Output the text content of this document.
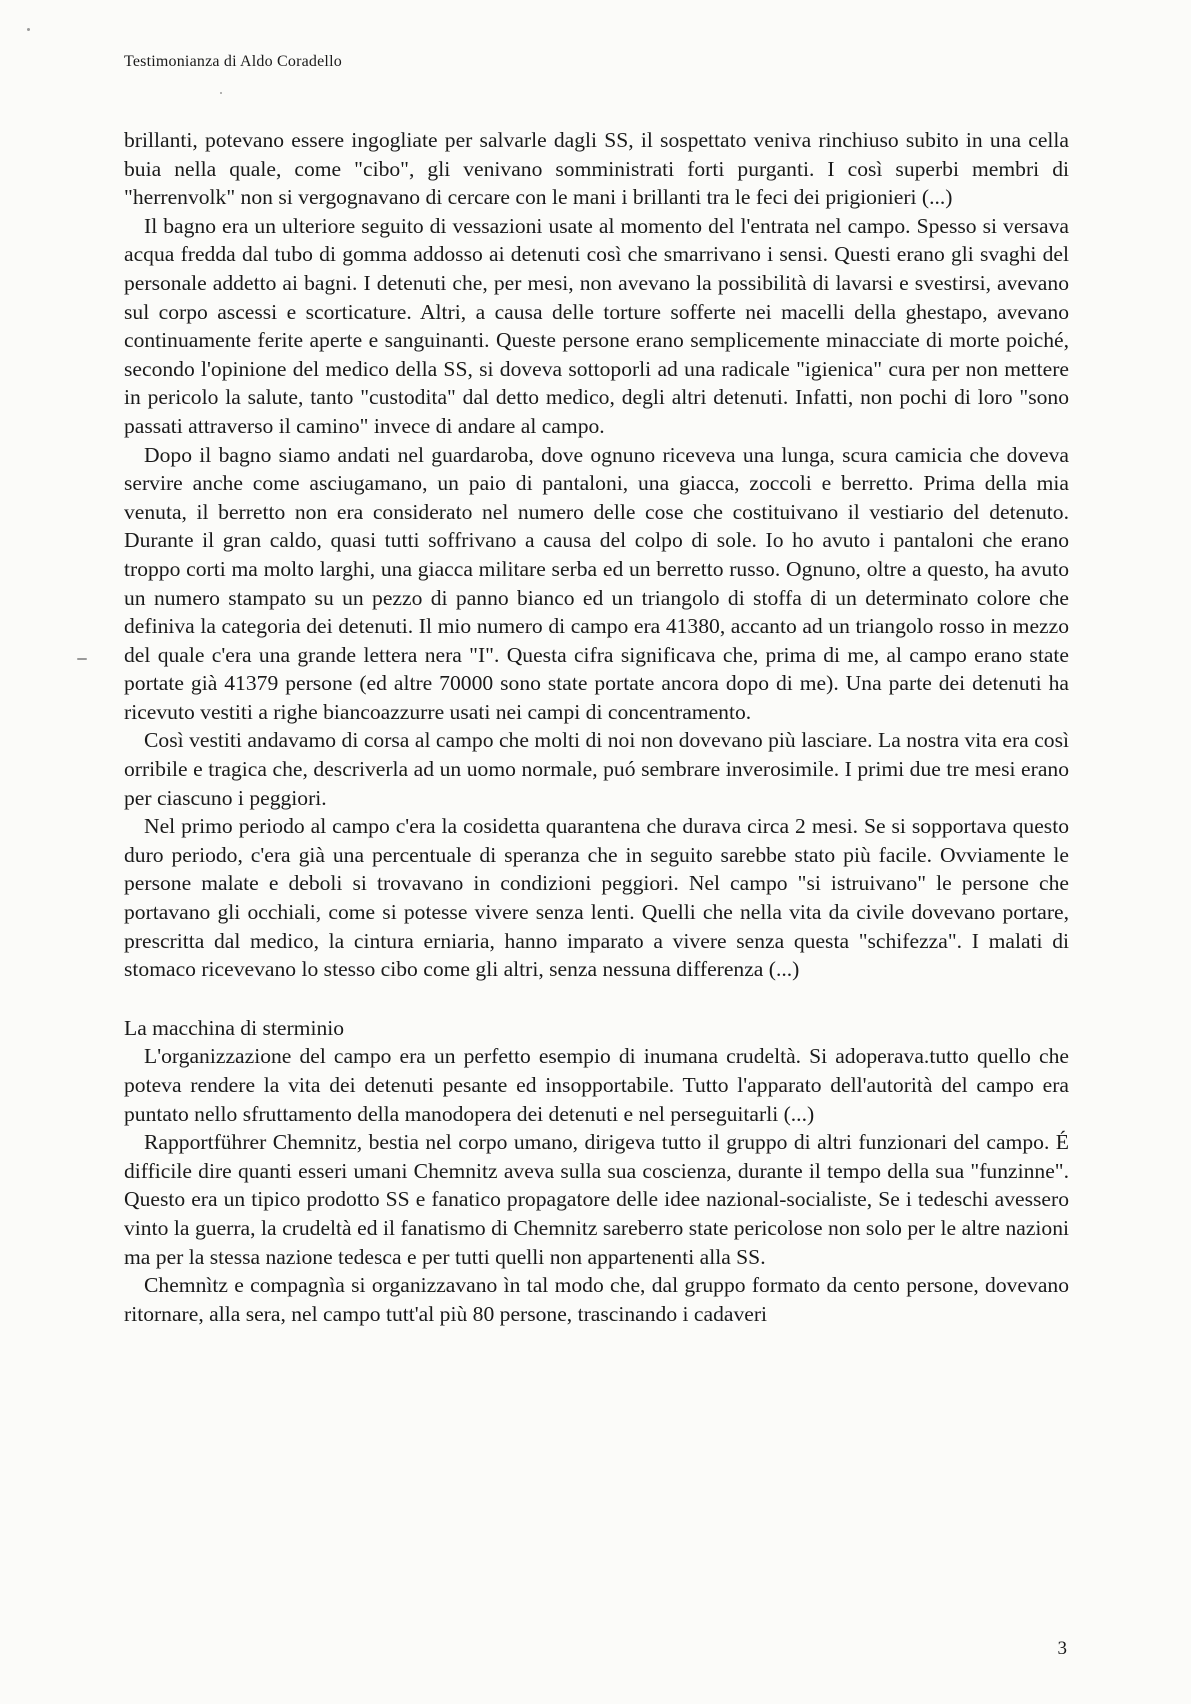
Testimonianza di Aldo Coradello

brillanti, potevano essere ingogliate per salvarle dagli SS, il sospettato veniva rinchiuso subito in una cella buia nella quale, come "cibo", gli venivano somministrati forti purganti. I così superbi membri di "herrenvolk" non si vergognavano di cercare con le mani i brillanti tra le feci dei prigionieri (...)

Il bagno era un ulteriore seguito di vessazioni usate al momento del l'entrata nel campo. Spesso si versava acqua fredda dal tubo di gomma addosso ai detenuti così che smarrivano i sensi. Questi erano gli svaghi del personale addetto ai bagni. I detenuti che, per mesi, non avevano la possibilità di lavarsi e svestirsi, avevano sul corpo ascessi e scorticature. Altri, a causa delle torture sofferte nei macelli della ghestapo, avevano continuamente ferite aperte e sanguinanti. Queste persone erano semplicemente minacciate di morte poiché, secondo l'opinione del medico della SS, si doveva sottoporli ad una radicale "igienica" cura per non mettere in pericolo la salute, tanto "custodita" dal detto medico, degli altri detenuti. Infatti, non pochi di loro "sono passati attraverso il camino" invece di andare al campo.

Dopo il bagno siamo andati nel guardaroba, dove ognuno riceveva una lunga, scura camicia che doveva servire anche come asciugamano, un paio di pantaloni, una giacca, zoccoli e berretto. Prima della mia venuta, il berretto non era considerato nel numero delle cose che costituivano il vestiario del detenuto. Durante il gran caldo, quasi tutti soffrivano a causa del colpo di sole. Io ho avuto i pantaloni che erano troppo corti ma molto larghi, una giacca militare serba ed un berretto russo. Ognuno, oltre a questo, ha avuto un numero stampato su un pezzo di panno bianco ed un triangolo di stoffa di un determinato colore che definiva la categoria dei detenuti. Il mio numero di campo era 41380, accanto ad un triangolo rosso in mezzo del quale c'era una grande lettera nera "I". Questa cifra significava che, prima di me, al campo erano state portate già 41379 persone (ed altre 70000 sono state portate ancora dopo di me). Una parte dei detenuti ha ricevuto vestiti a righe biancoazzurre usati nei campi di concentramento.

Così vestiti andavamo di corsa al campo che molti di noi non dovevano più lasciare. La nostra vita era così orribile e tragica che, descriverla ad un uomo normale, puó sembrare inverosimile. I primi due tre mesi erano per ciascuno i peggiori.

Nel primo periodo al campo c'era la cosidetta quarantena che durava circa 2 mesi. Se si sopportava questo duro periodo, c'era già una percentuale di speranza che in seguito sarebbe stato più facile. Ovviamente le persone malate e deboli si trovavano in condizioni peggiori. Nel campo "si istruivano" le persone che portavano gli occhiali, come si potesse vivere senza lenti. Quelli che nella vita da civile dovevano portare, prescritta dal medico, la cintura erniaria, hanno imparato a vivere senza questa "schifezza". I malati di stomaco ricevevano lo stesso cibo come gli altri, senza nessuna differenza (...)

La macchina di sterminio

L'organizzazione del campo era un perfetto esempio di inumana crudeltà. Si adoperava.tutto quello che poteva rendere la vita dei detenuti pesante ed insopportabile. Tutto l'apparato dell'autorità del campo era puntato nello sfruttamento della manodopera dei detenuti e nel perseguitarli (...)

Rapportführer Chemnitz, bestia nel corpo umano, dirigeva tutto il gruppo di altri funzionari del campo. É difficile dire quanti esseri umani Chemnitz aveva sulla sua coscienza, durante il tempo della sua "funzinne". Questo era un tipico prodotto SS e fanatico propagatore delle idee nazional-socialiste, Se i tedeschi avessero vinto la guerra, la crudeltà ed il fanatismo di Chemnitz sareberro state pericolose non solo per le altre nazioni ma per la stessa nazione tedesca e per tutti quelli non appartenenti alla SS.

Chemnìtz e compagnìa si organizzavano ìn tal modo che, dal gruppo formato da cento persone, dovevano ritornare, alla sera, nel campo tutt'al più 80 persone, trascinando i cadaveri

3
